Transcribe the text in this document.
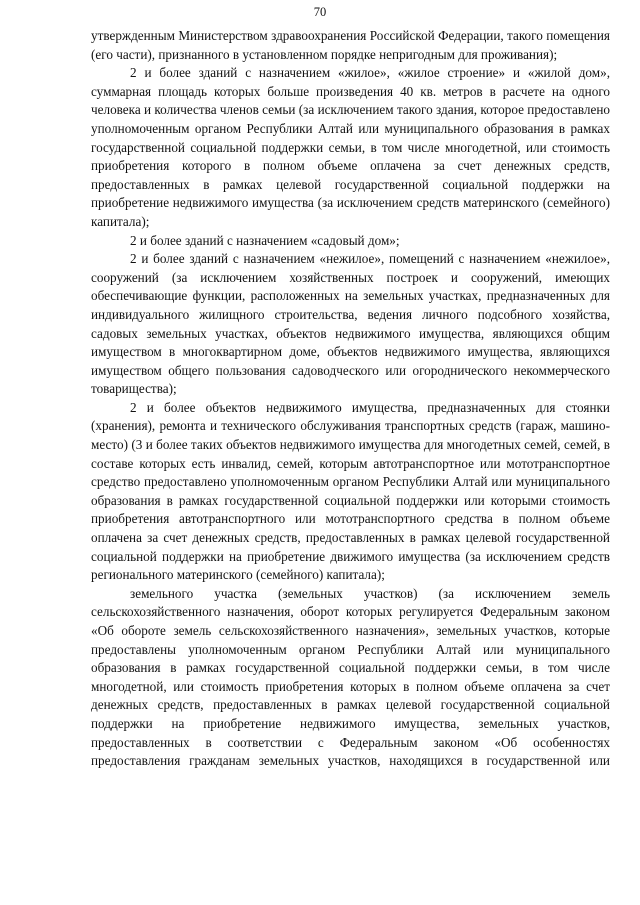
70

утвержденным Министерством здравоохранения Российской Федерации, такого помещения (его части), признанного в установленном порядке непригодным для проживания);

2 и более зданий с назначением «жилое», «жилое строение» и «жилой дом», суммарная площадь которых больше произведения 40 кв. метров в расчете на одного человека и количества членов семьи (за исключением такого здания, которое предоставлено уполномоченным органом Республики Алтай или муниципального образования в рамках государственной социальной поддержки семьи, в том числе многодетной, или стоимость приобретения которого в полном объеме оплачена за счет денежных средств, предоставленных в рамках целевой государственной социальной поддержки на приобретение недвижимого имущества (за исключением средств материнского (семейного) капитала);

2 и более зданий с назначением «садовый дом»;

2 и более зданий с назначением «нежилое», помещений с назначением «нежилое», сооружений (за исключением хозяйственных построек и сооружений, имеющих обеспечивающие функции, расположенных на земельных участках, предназначенных для индивидуального жилищного строительства, ведения личного подсобного хозяйства, садовых земельных участках, объектов недвижимого имущества, являющихся общим имуществом в многоквартирном доме, объектов недвижимого имущества, являющихся имуществом общего пользования садоводческого или огороднического некоммерческого товарищества);

2 и более объектов недвижимого имущества, предназначенных для стоянки (хранения), ремонта и технического обслуживания транспортных средств (гараж, машино-место) (3 и более таких объектов недвижимого имущества для многодетных семей, семей, в составе которых есть инвалид, семей, которым автотранспортное или мототранспортное средство предоставлено уполномоченным органом Республики Алтай или муниципального образования в рамках государственной социальной поддержки или которыми стоимость приобретения автотранспортного или мототранспортного средства в полном объеме оплачена за счет денежных средств, предоставленных в рамках целевой государственной социальной поддержки на приобретение движимого имущества (за исключением средств регионального материнского (семейного) капитала);

земельного участка (земельных участков) (за исключением земель сельскохозяйственного назначения, оборот которых регулируется Федеральным законом «Об обороте земель сельскохозяйственного назначения», земельных участков, которые предоставлены уполномоченным органом Республики Алтай или муниципального образования в рамках государственной социальной поддержки семьи, в том числе многодетной, или стоимость приобретения которых в полном объеме оплачена за счет денежных средств, предоставленных в рамках целевой государственной социальной поддержки на приобретение недвижимого имущества, земельных участков, предоставленных в соответствии с Федеральным законом «Об особенностях предоставления гражданам земельных участков, находящихся в государственной или
